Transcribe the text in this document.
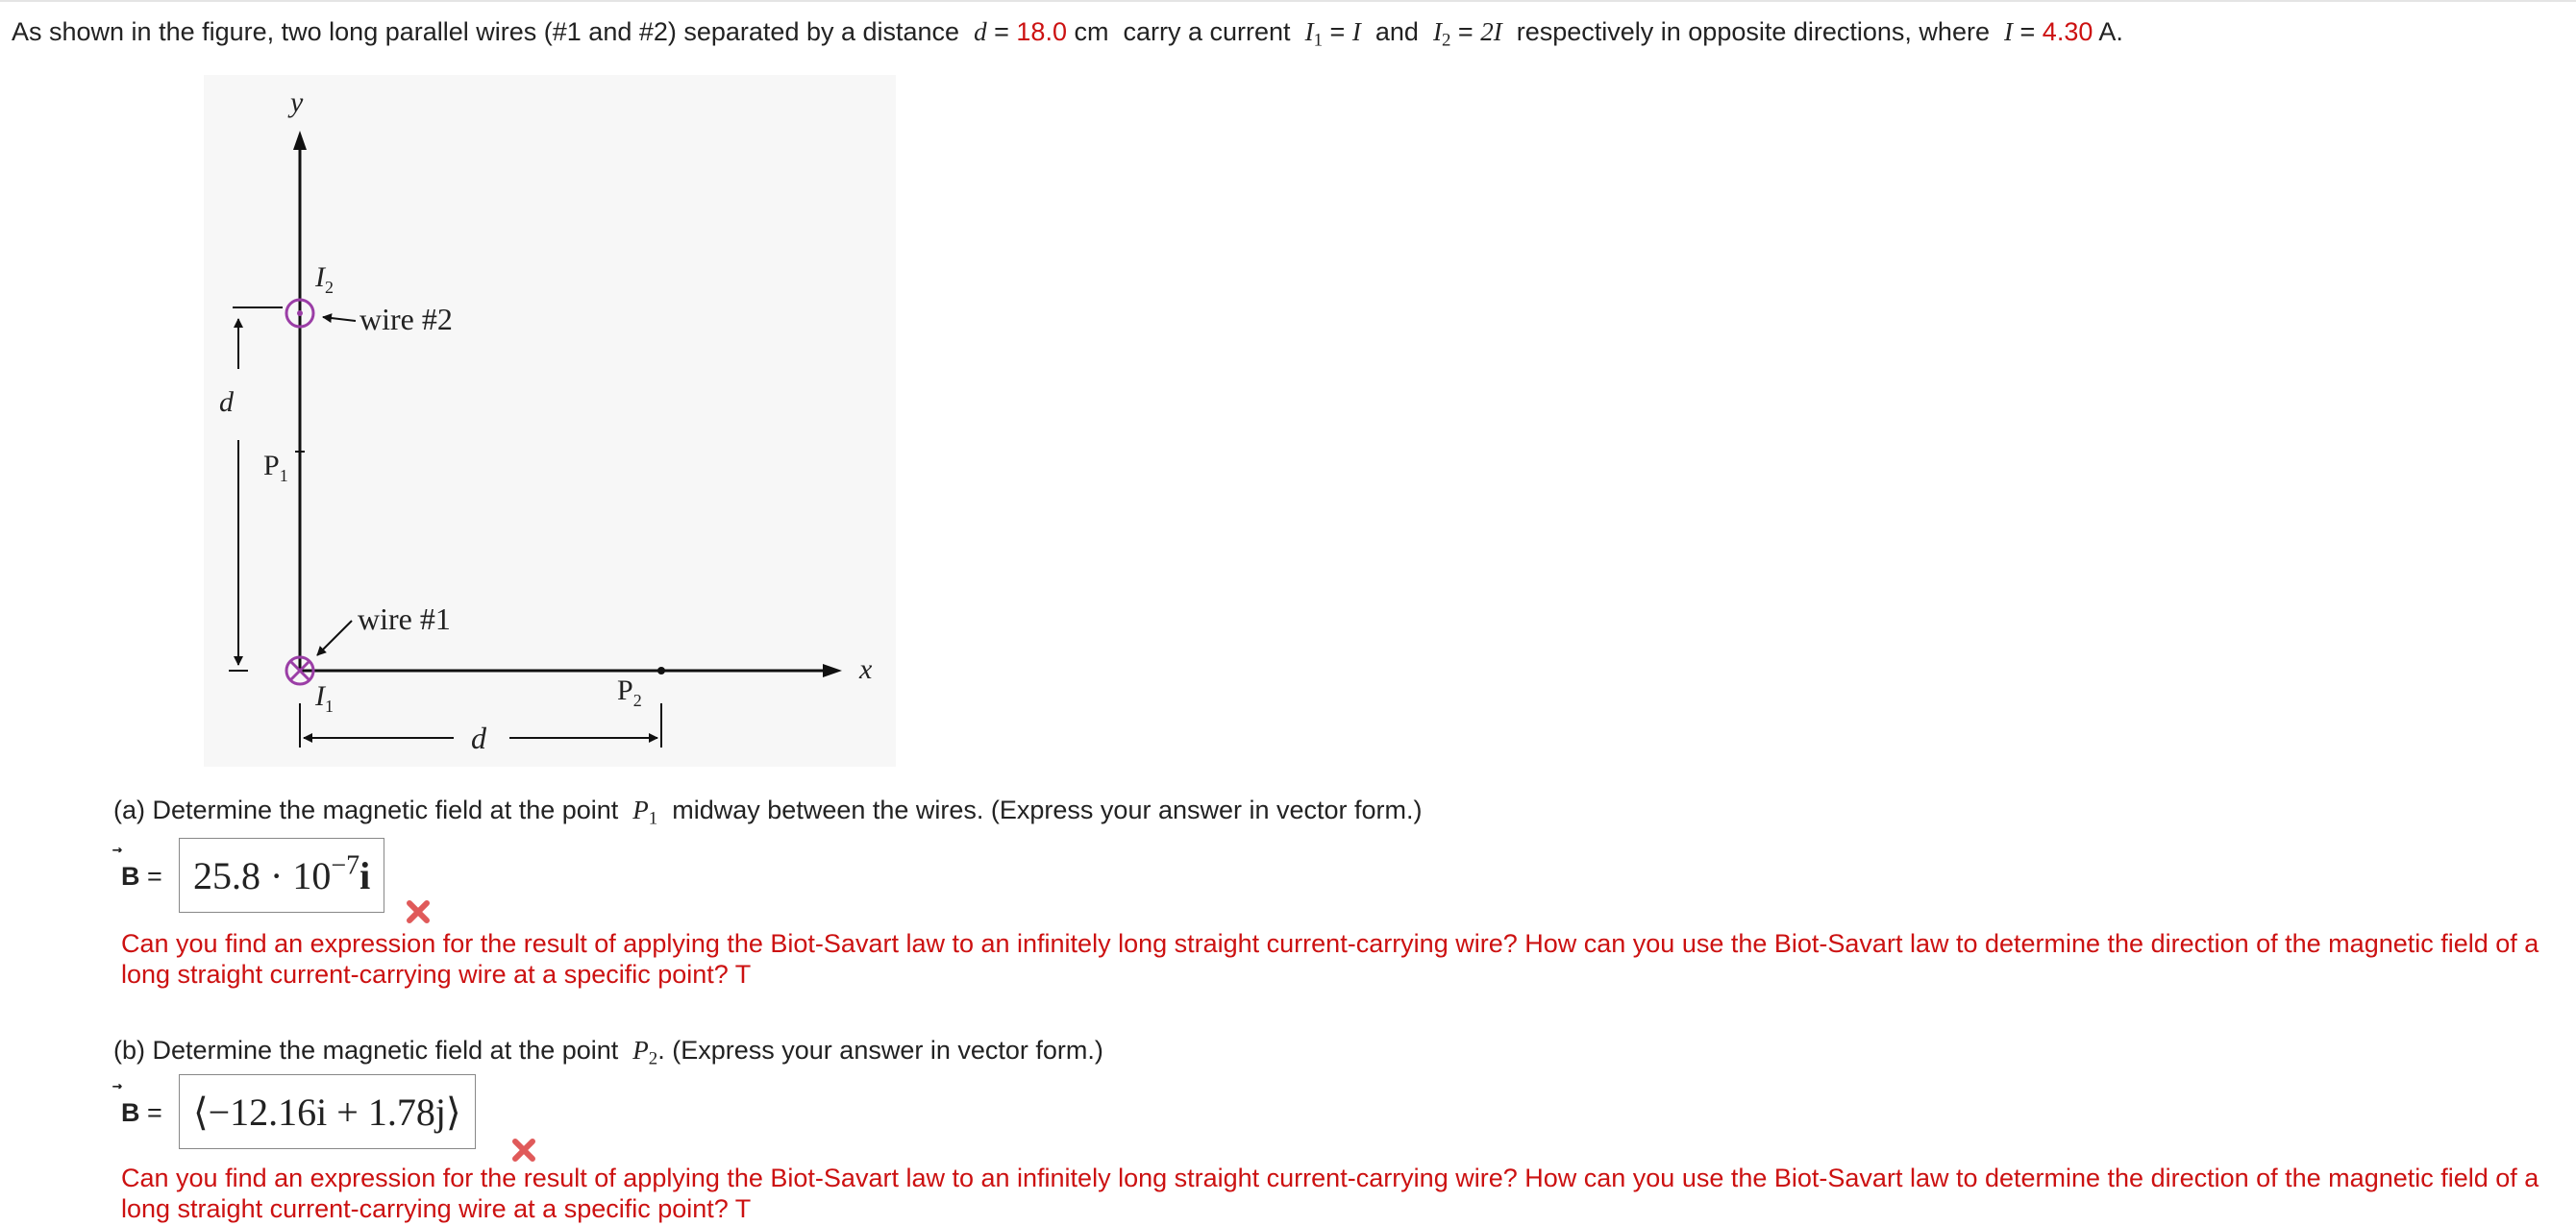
As shown in the figure, two long parallel wires (#1 and #2) separated by a distance d = 18.0 cm carry a current $I_1 = I$ and $I_2 = 2I$ respectively in opposite directions, where I = 4.30 A.
y
x
$I_2$
wire #2
d
$P_1$
wire #1
$I_1$	$P_2$
d
(a) Determine the magnetic field at the point $P_1$ midway between the wires. (Express your answer in vector form.)
$B = 25.8 \cdot 10^{-7}i$
Can you find an expression for the result of applying the Biot-Savart law to an infinitely long straight current-carrying wire? How can you use the Biot-Savart law to determine the direction of the magnetic field of a long straight current-carrying wire at a specific point? T
(b) Determine the magnetic field at the point $P_2$. (Express your answer in vector form.)
B = ⟨−12.16i + 1.78j⟩
Can you find an expression for the result of applying the Biot-Savart law to an infinitely long straight current-carrying wire? How can you use the Biot-Savart law to determine the direction of the magnetic field of a long straight current-carrying wire at a specific point? T
